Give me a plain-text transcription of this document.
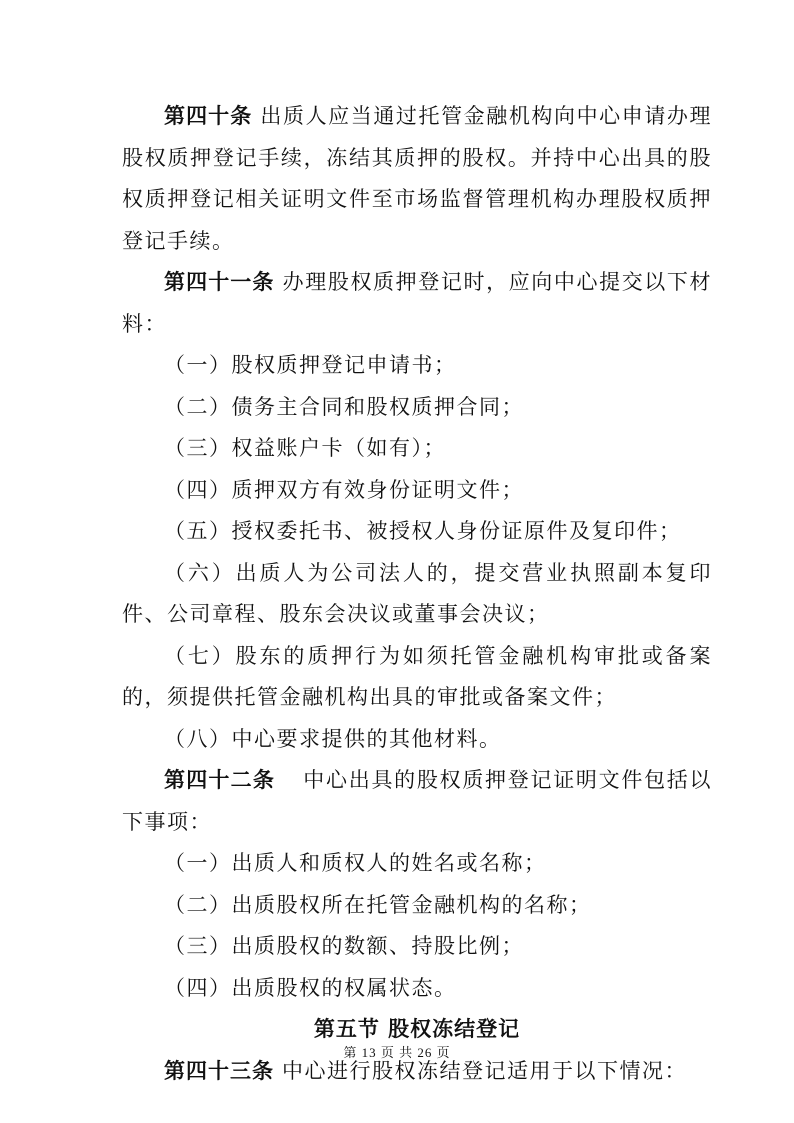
第四十条 出质人应当通过托管金融机构向中心申请办理股权质押登记手续，冻结其质押的股权。并持中心出具的股权质押登记相关证明文件至市场监督管理机构办理股权质押登记手续。

第四十一条 办理股权质押登记时，应向中心提交以下材料：

（一）股权质押登记申请书；

（二）债务主合同和股权质押合同；

（三）权益账户卡（如有）；

（四）质押双方有效身份证明文件；

（五）授权委托书、被授权人身份证原件及复印件；

（六）出质人为公司法人的，提交营业执照副本复印件、公司章程、股东会决议或董事会决议；

（七）股东的质押行为如须托管金融机构审批或备案的，须提供托管金融机构出具的审批或备案文件；

（八）中心要求提供的其他材料。

第四十二条 中心出具的股权质押登记证明文件包括以下事项：

（一）出质人和质权人的姓名或名称；

（二）出质股权所在托管金融机构的名称；

（三）出质股权的数额、持股比例；

（四）出质股权的权属状态。

第五节 股权冻结登记

第四十三条 中心进行股权冻结登记适用于以下情况：

第 13 页 共 26 页
